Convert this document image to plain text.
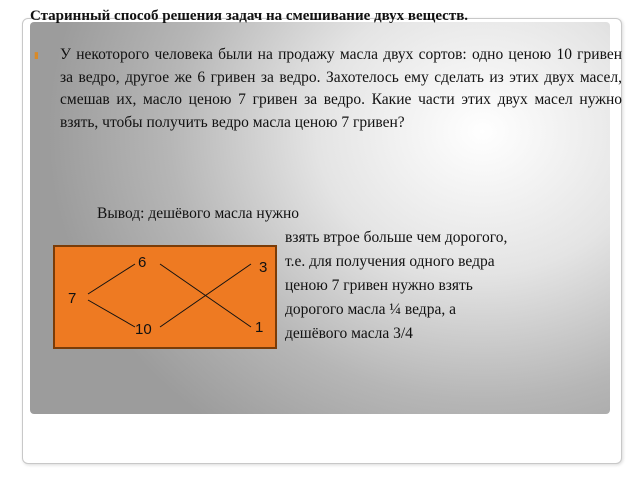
Старинный способ решения задач на смешивание двух веществ.
▮ У некоторого человека были на продажу масла двух сортов: одно ценою 10 гривен за ведро, другое же 6 гривен за ведро. Захотелось ему сделать из этих двух масел, смешав их, масло ценою 7 гривен за ведро. Какие части этих двух масел нужно взять, чтобы получить ведро масла ценою 7 гривен?

Вывод: дешёвого масла нужно

взять втрое больше чем дорогого,

т.е. для получения одного ведра

ценою 7 гривен нужно взять

дорогого масла ¼ ведра, а

дешёвого масла 3/4

6	3
7
10	1
